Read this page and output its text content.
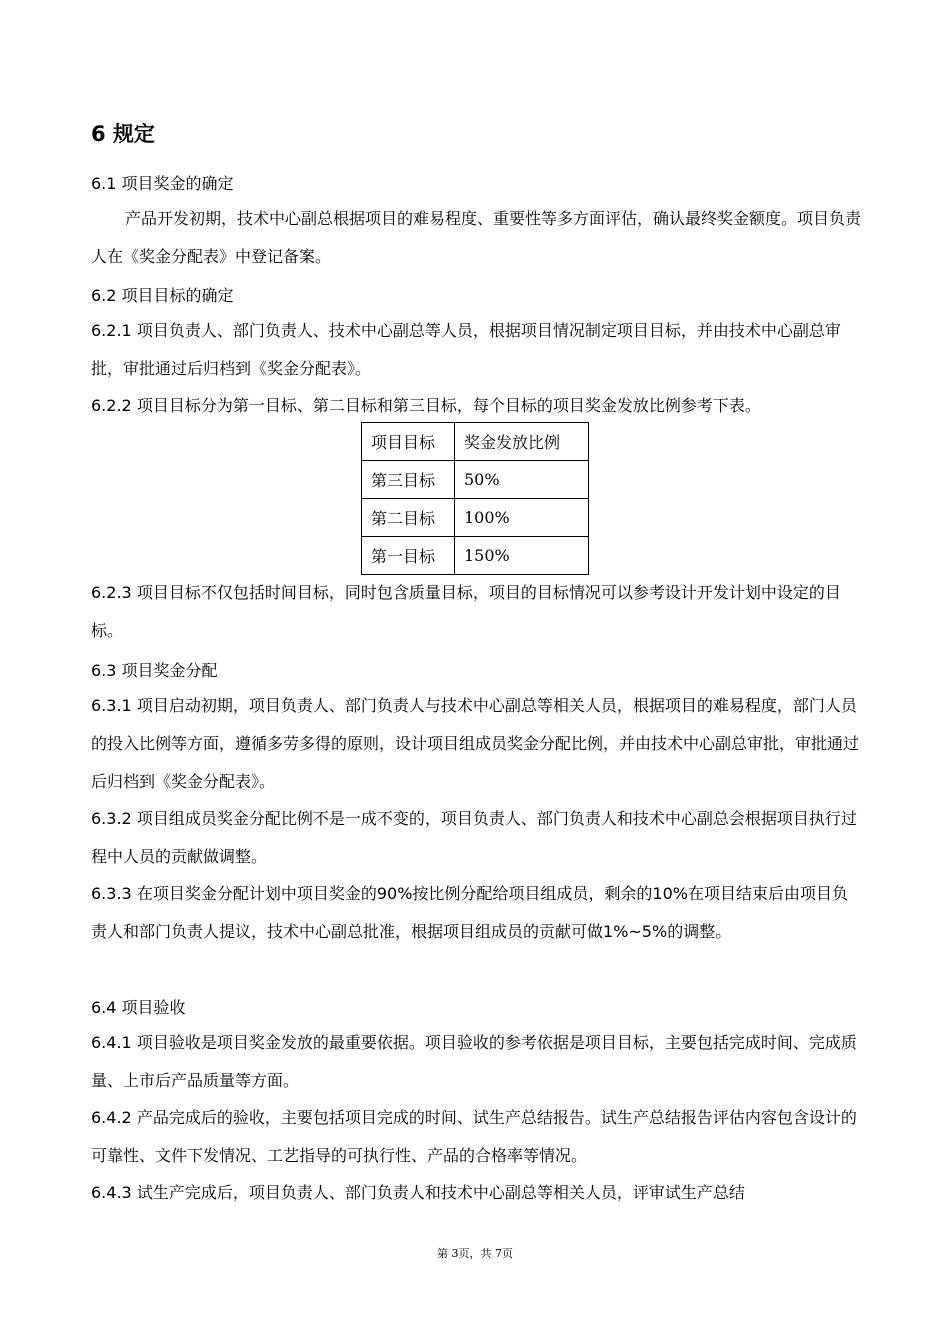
6 规定
6.1 项目奖金的确定
产品开发初期，技术中心副总根据项目的难易程度、重要性等多方面评估，确认最终奖金额度。项目负责人在《奖金分配表》中登记备案。
6.2 项目目标的确定
6.2.1 项目负责人、部门负责人、技术中心副总等人员，根据项目情况制定项目目标，并由技术中心副总审批，审批通过后归档到《奖金分配表》。
6.2.2 项目目标分为第一目标、第二目标和第三目标，每个目标的项目奖金发放比例参考下表。
项目目标	奖金发放比例
第三目标	50%
第二目标	100%
第一目标	150%
6.2.3 项目目标不仅包括时间目标，同时包含质量目标，项目的目标情况可以参考设计开发计划中设定的目标。
6.3 项目奖金分配
6.3.1 项目启动初期，项目负责人、部门负责人与技术中心副总等相关人员，根据项目的难易程度，部门人员的投入比例等方面，遵循多劳多得的原则，设计项目组成员奖金分配比例，并由技术中心副总审批，审批通过后归档到《奖金分配表》。
6.3.2 项目组成员奖金分配比例不是一成不变的，项目负责人、部门负责人和技术中心副总会根据项目执行过程中人员的贡献做调整。
6.3.3 在项目奖金分配计划中项目奖金的90%按比例分配给项目组成员，剩余的10%在项目结束后由项目负责人和部门负责人提议，技术中心副总批准，根据项目组成员的贡献可做1%~5%的调整。
6.4 项目验收
6.4.1 项目验收是项目奖金发放的最重要依据。项目验收的参考依据是项目目标，主要包括完成时间、完成质量、上市后产品质量等方面。
6.4.2 产品完成后的验收，主要包括项目完成的时间、试生产总结报告。试生产总结报告评估内容包含设计的可靠性、文件下发情况、工艺指导的可执行性、产品的合格率等情况。
6.4.3 试生产完成后，项目负责人、部门负责人和技术中心副总等相关人员，评审试生产总结
第 3页，共 7页
